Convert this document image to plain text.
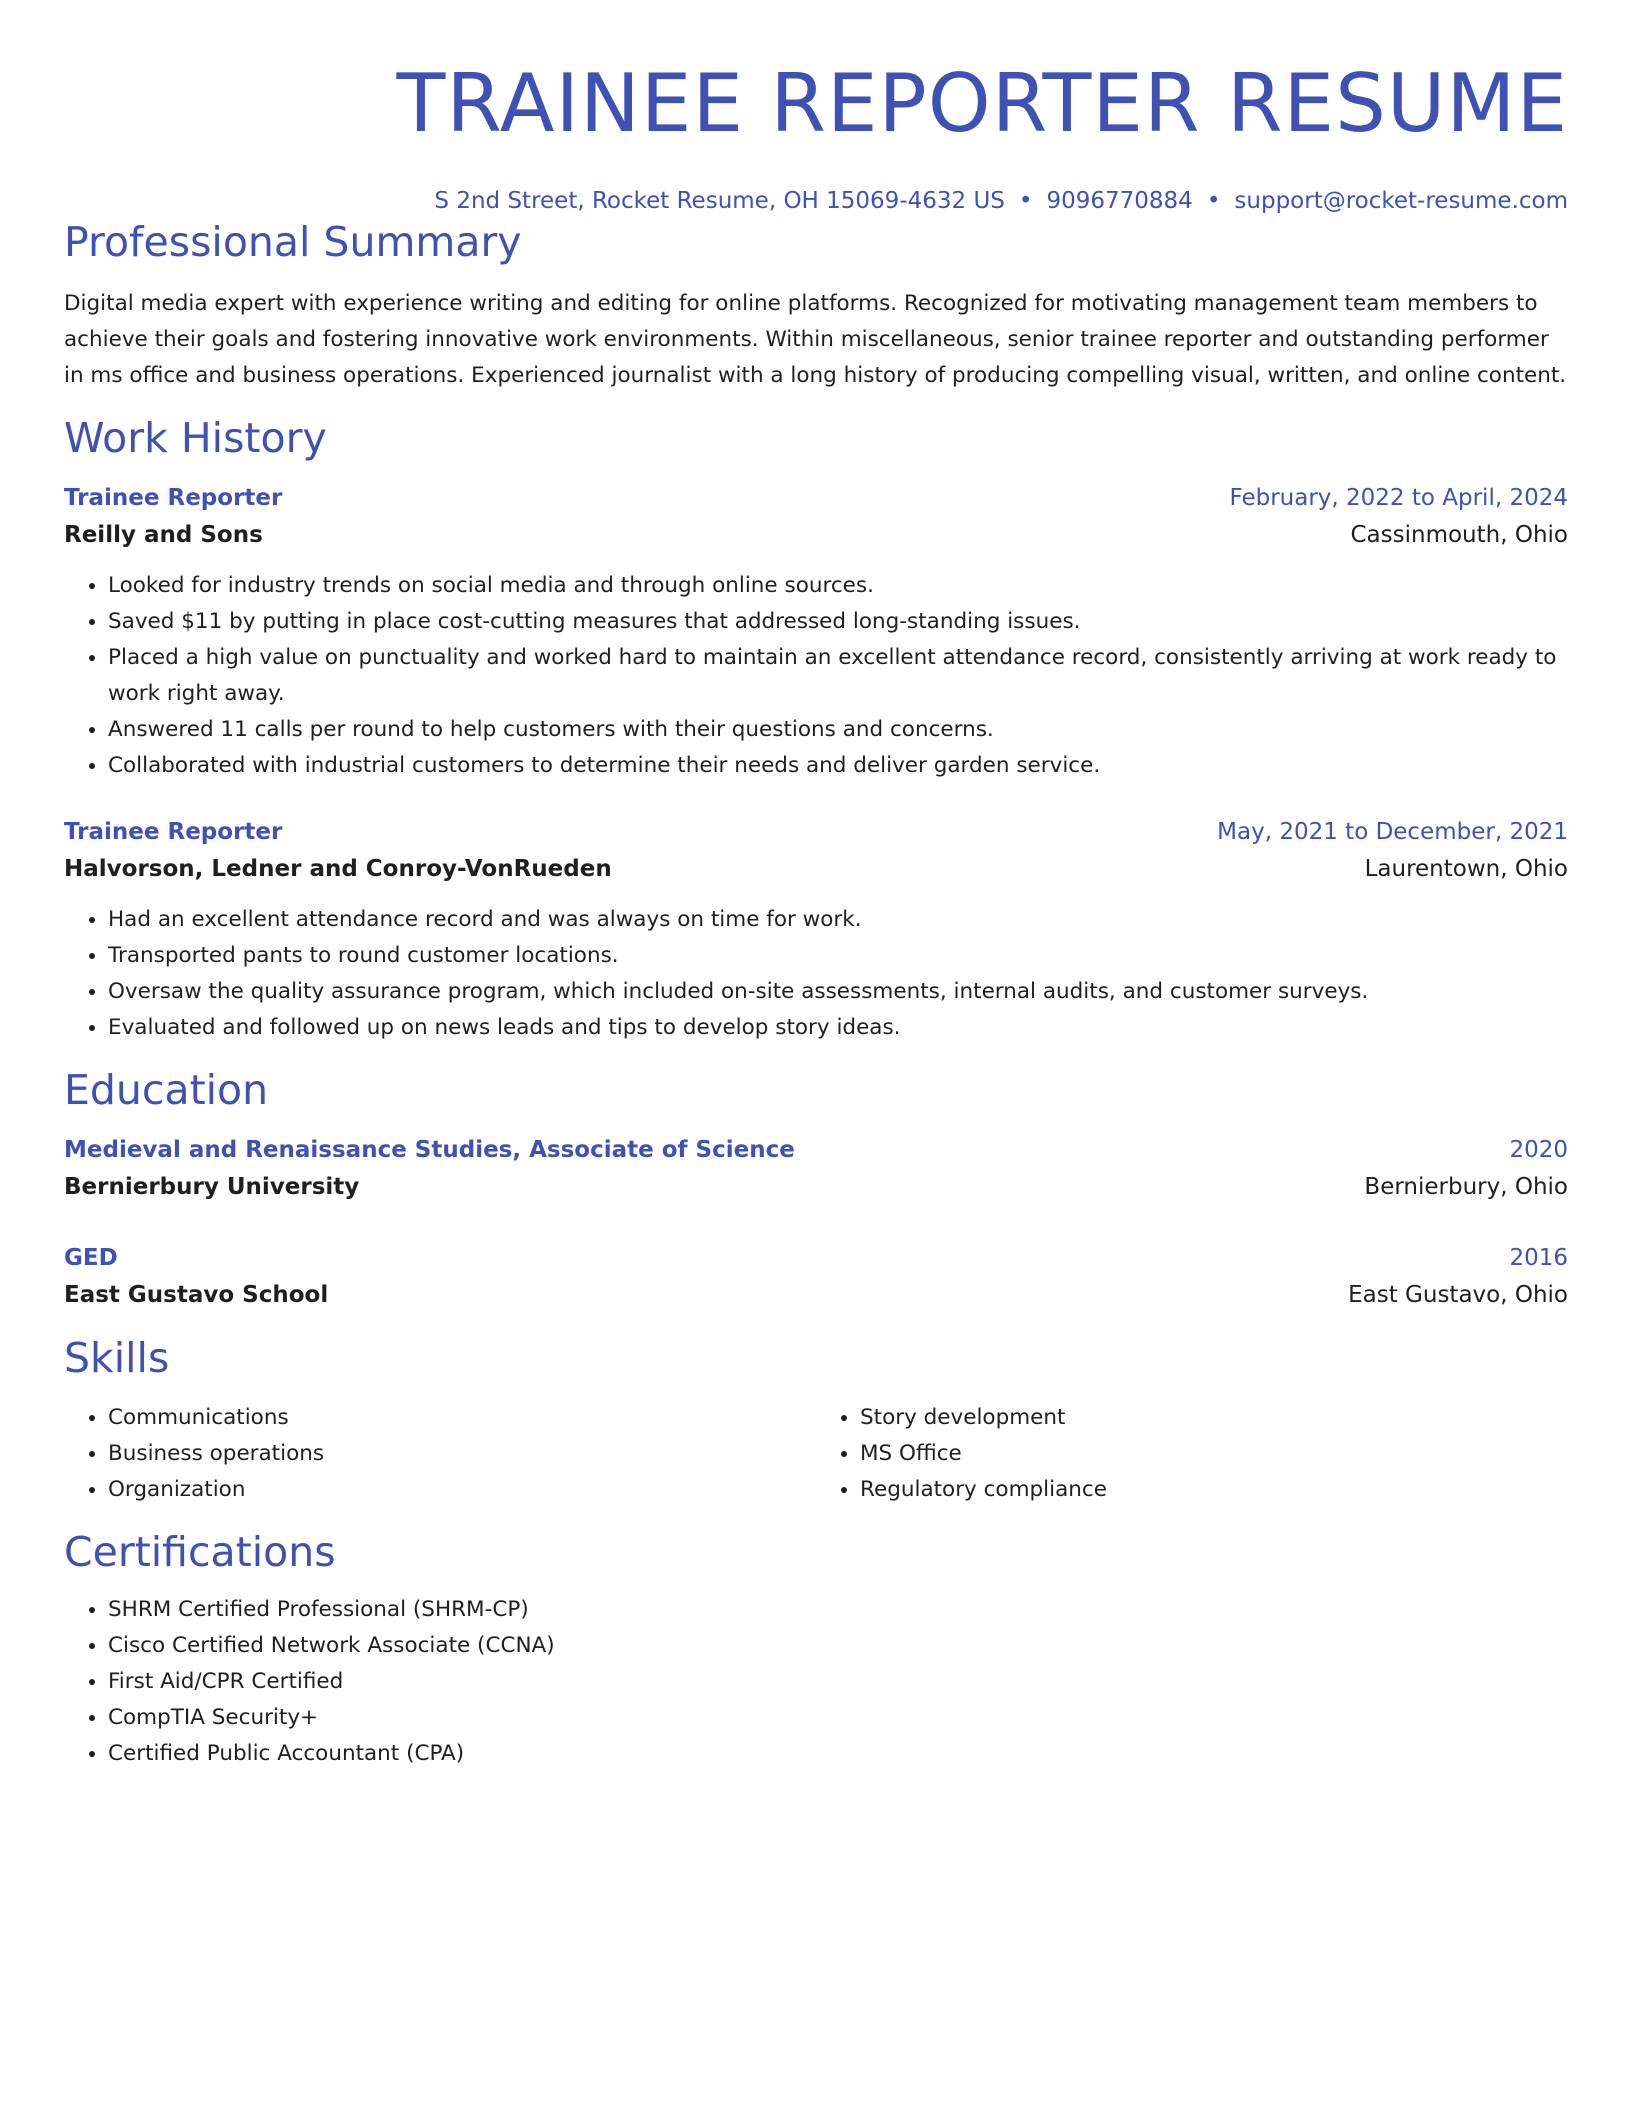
TRAINEE REPORTER RESUME
S 2nd Street, Rocket Resume, OH 15069-4632 US • 9096770884 • support@rocket-resume.com
Professional Summary

Digital media expert with experience writing and editing for online platforms. Recognized for motivating management team members to achieve their goals and fostering innovative work environments. Within miscellaneous, senior trainee reporter and outstanding performer in ms office and business operations. Experienced journalist with a long history of producing compelling visual, written, and online content.

Work History
Trainee Reporter	February, 2022 to April, 2024
Reilly and Sons	Cassinmouth, Ohio
• Looked for industry trends on social media and through online sources.
• Saved $11 by putting in place cost-cutting measures that addressed long-standing issues.
• Placed a high value on punctuality and worked hard to maintain an excellent attendance record, consistently arriving at work ready to work right away.
• Answered 11 calls per round to help customers with their questions and concerns.
• Collaborated with industrial customers to determine their needs and deliver garden service.
Trainee Reporter	May, 2021 to December, 2021
Halvorson, Ledner and Conroy-VonRueden	Laurentown, Ohio
• Had an excellent attendance record and was always on time for work.
• Transported pants to round customer locations.
• Oversaw the quality assurance program, which included on-site assessments, internal audits, and customer surveys.
• Evaluated and followed up on news leads and tips to develop story ideas.
Education
Medieval and Renaissance Studies, Associate of Science	2020
Bernierbury University	Bernierbury, Ohio
GED	2016
East Gustavo School	East Gustavo, Ohio
Skills
• Communications
• Business operations
• Organization
• Story development
• MS Office
• Regulatory compliance
Certifications
• SHRM Certified Professional (SHRM-CP)
• Cisco Certified Network Associate (CCNA)
• First Aid/CPR Certified
• CompTIA Security+
• Certified Public Accountant (CPA)
